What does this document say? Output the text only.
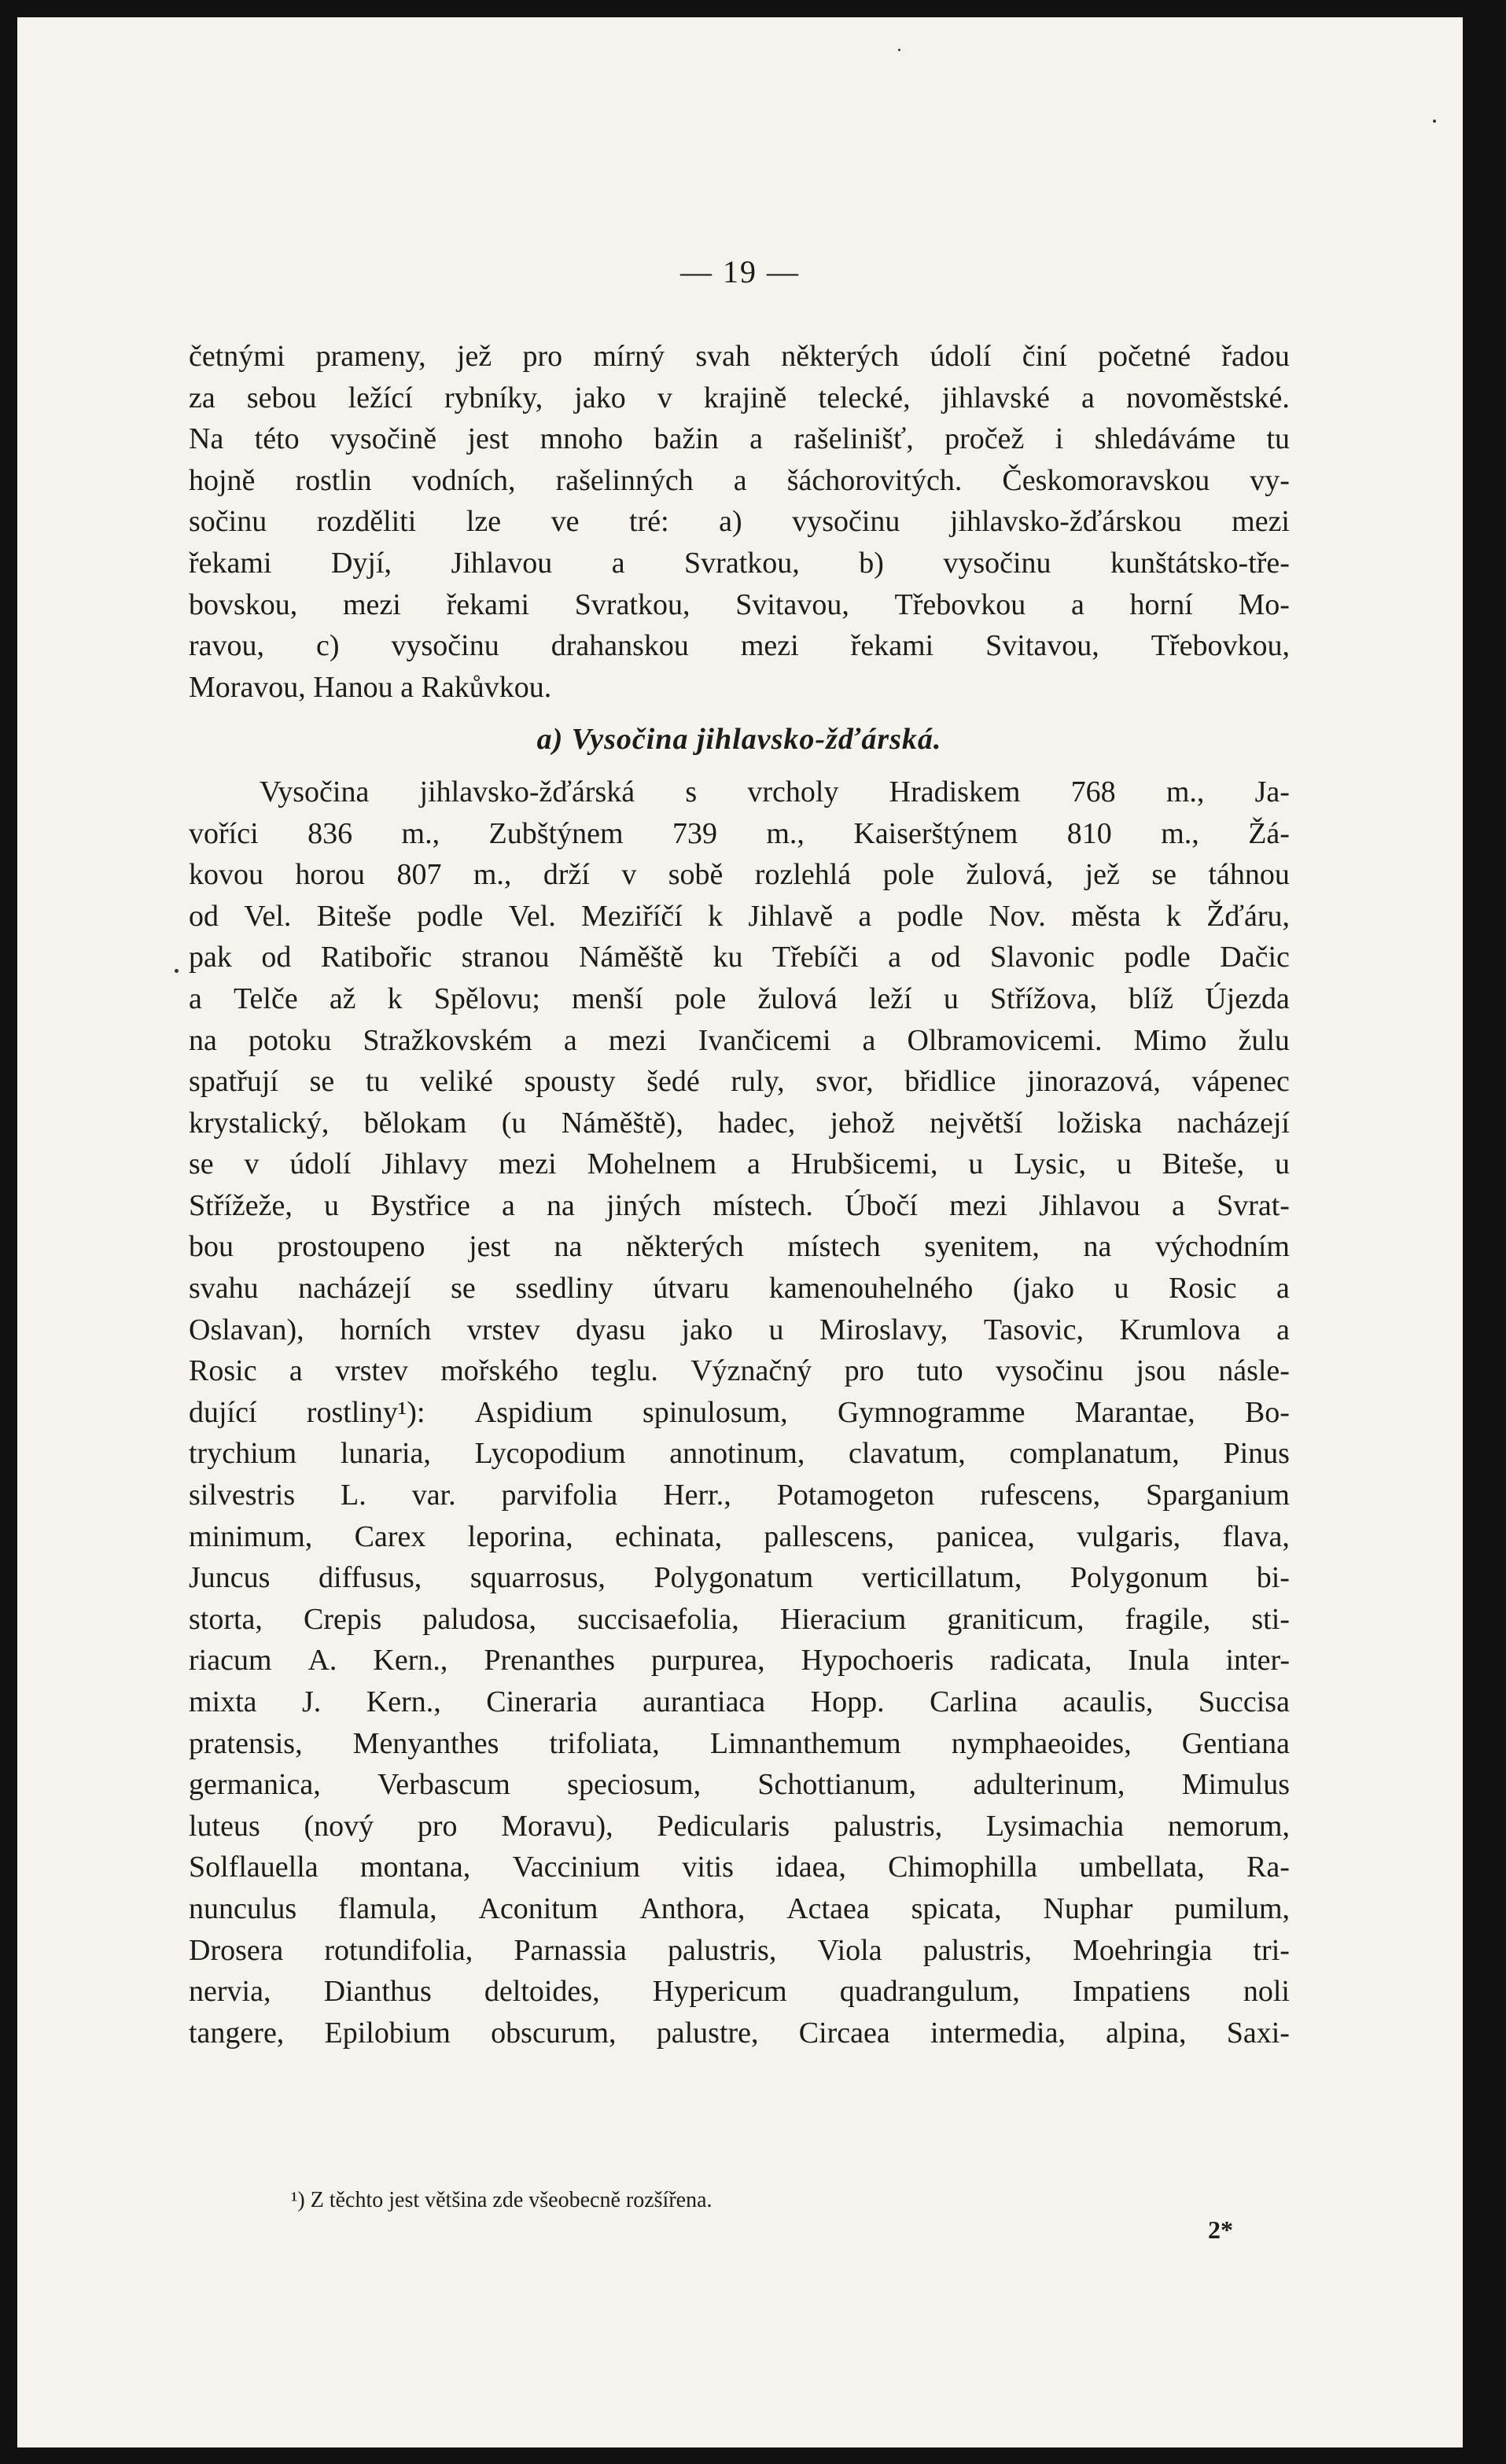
— 19 —
četnými prameny, jež pro mírný svah některých údolí činí početné řadou
za sebou ležící rybníky, jako v krajině telecké, jihlavské a novoměstské.
Na této vysočině jest mnoho bažin a rašelinišť, pročež i shledáváme tu
hojně rostlin vodních, rašelinných a šáchorovitých. Českomoravskou vy-
sočinu rozděliti lze ve tré: a) vysočinu jihlavsko-žďárskou mezi
řekami Dyjí, Jihlavou a Svratkou, b) vysočinu kunštátsko-tře-
bovskou, mezi řekami Svratkou, Svitavou, Třebovkou a horní Mo-
ravou, c) vysočinu drahanskou mezi řekami Svitavou, Třebovkou,
Moravou, Hanou a Rakůvkou.
a) Vysočina jihlavsko-žďárská.
Vysočina jihlavsko-žďárská s vrcholy Hradiskem 768 m., Ja-
voříci 836 m., Zubštýnem 739 m., Kaiserštýnem 810 m., Žá-
kovou horou 807 m., drží v sobě rozlehlá pole žulová, jež se táhnou
od Vel. Biteše podle Vel. Meziříčí k Jihlavě a podle Nov. města k Žďáru,
pak od Ratibořic stranou Náměště ku Třebíči a od Slavonic podle Dačic
a Telče až k Spělovu; menší pole žulová leží u Střížova, blíž Újezda
na potoku Stražkovském a mezi Ivančicemi a Olbramovicemi. Mimo žulu
spatřují se tu veliké spousty šedé ruly, svor, břidlice jinorazová, vápenec
krystalický, bělokam (u Náměště), hadec, jehož největší ložiska nacházejí
se v údolí Jihlavy mezi Mohelnem a Hrubšicemi, u Lysic, u Biteše, u
Střížeže, u Bystřice a na jiných místech. Úbočí mezi Jihlavou a Svrat-
bou prostoupeno jest na některých místech syenitem, na východním
svahu nacházejí se ssedliny útvaru kamenouhelného (jako u Rosic a
Oslavan), horních vrstev dyasu jako u Miroslavy, Tasovic, Krumlova a
Rosic a vrstev mořského teglu. Význačný pro tuto vysočinu jsou násle-
dující rostliny¹): Aspidium spinulosum, Gymnogramme Marantae, Bo-
trychium lunaria, Lycopodium annotinum, clavatum, complanatum, Pinus
silvestris L. var. parvifolia Herr., Potamogeton rufescens, Sparganium
minimum, Carex leporina, echinata, pallescens, panicea, vulgaris, flava,
Juncus diffusus, squarrosus, Polygonatum verticillatum, Polygonum bi-
storta, Crepis paludosa, succisaefolia, Hieracium graniticum, fragile, sti-
riacum A. Kern., Prenanthes purpurea, Hypochoeris radicata, Inula inter-
mixta J. Kern., Cineraria aurantiaca Hopp. Carlina acaulis, Succisa
pratensis, Menyanthes trifoliata, Limnanthemum nymphaeoides, Gentiana
germanica, Verbascum speciosum, Schottianum, adulterinum, Mimulus
luteus (nový pro Moravu), Pedicularis palustris, Lysimachia nemorum,
Solflauella montana, Vaccinium vitis idaea, Chimophilla umbellata, Ra-
nunculus flamula, Aconitum Anthora, Actaea spicata, Nuphar pumilum,
Drosera rotundifolia, Parnassia palustris, Viola palustris, Moehringia tri-
nervia, Dianthus deltoides, Hypericum quadrangulum, Impatiens noli
tangere, Epilobium obscurum, palustre, Circaea intermedia, alpina, Saxi-
¹) Z těchto jest většina zde všeobecně rozšířena.
2*
